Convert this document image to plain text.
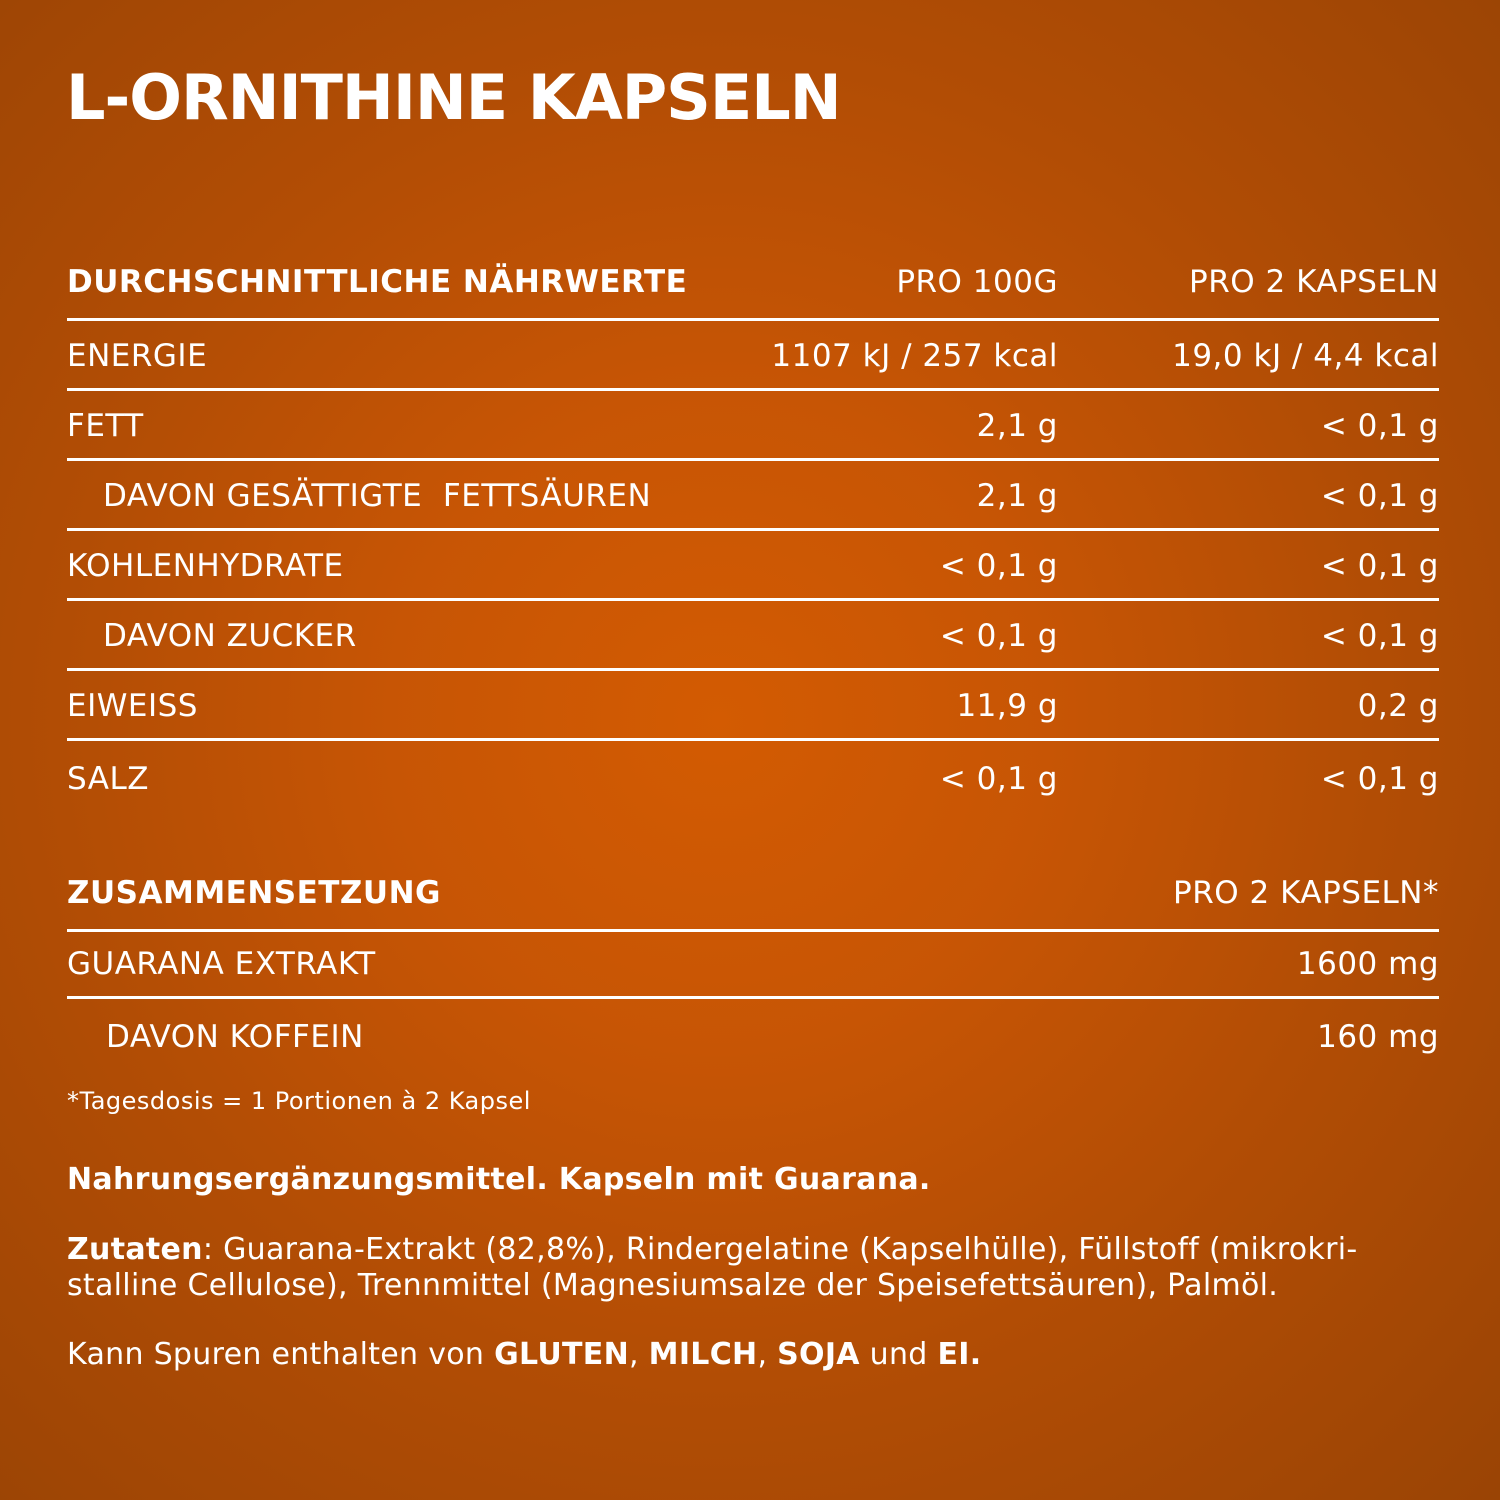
L-ORNITHINE KAPSELN
DURCHSCHNITTLICHE NÄHRWERTE	PRO 100G	PRO 2 KAPSELN
ENERGIE	1107 kJ / 257 kcal	19,0 kJ / 4,4 kcal
FETT	2,1 g	< 0,1 g
DAVON GESÄTTIGTE  FETTSÄUREN	2,1 g	< 0,1 g
KOHLENHYDRATE	< 0,1 g	< 0,1 g
DAVON ZUCKER	< 0,1 g	< 0,1 g
EIWEISS	11,9 g	0,2 g
SALZ	< 0,1 g	< 0,1 g
ZUSAMMENSETZUNG	PRO 2 KAPSELN*
GUARANA EXTRAKT	1600 mg
DAVON KOFFEIN	160 mg
*Tagesdosis = 1 Portionen à 2 Kapsel
Nahrungsergänzungsmittel. Kapseln mit Guarana.
Zutaten: Guarana-Extrakt (82,8%), Rindergelatine (Kapselhülle), Füllstoff (mikrokri-stalline Cellulose), Trennmittel (Magnesiumsalze der Speisefettsäuren), Palmöl.
Kann Spuren enthalten von GLUTEN, MILCH, SOJA und EI.
